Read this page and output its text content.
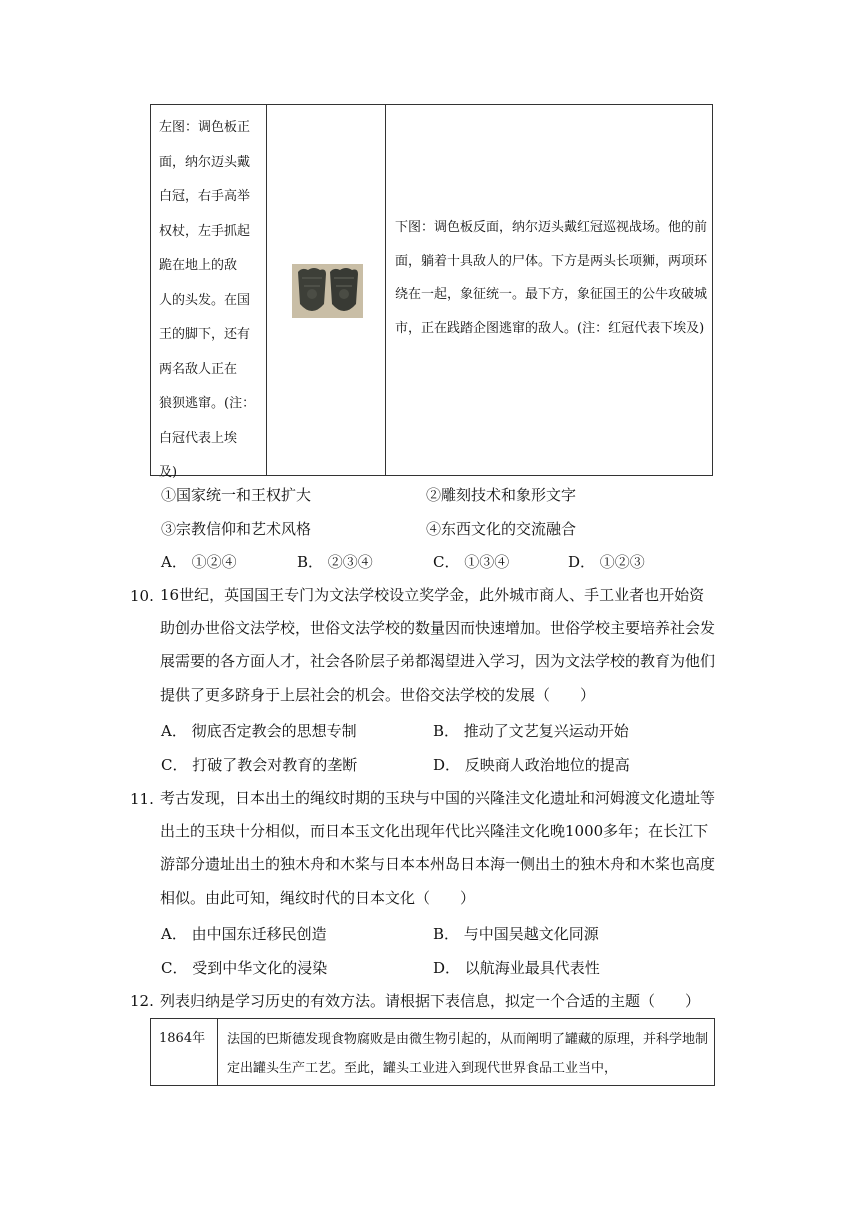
左图：调色板正
面，纳尔迈头戴
白冠，右手高举
权杖，左手抓起
跪在地上的敌
人的头发。在国
王的脚下，还有
两名敌人正在
狼狈逃窜。(注：
白冠代表上埃
及)
下图：调色板反面，纳尔迈头戴红冠巡视战场。他的前面，躺着十具敌人的尸体。下方是两头长项狮，两项环绕在一起，象征统一。最下方，象征国王的公牛攻破城市，正在践踏企图逃窜的敌人。(注：红冠代表下埃及)
①国家统一和王权扩大	②雕刻技术和象形文字
③宗教信仰和艺术风格	④东西文化的交流融合
A． ①②④	B． ②③④	C． ①③④	D． ①②③
10. 16世纪，英国国王专门为文法学校设立奖学金，此外城市商人、手工业者也开始资助创办世俗文法学校，世俗文法学校的数量因而快速增加。世俗学校主要培养社会发展需要的各方面人才，社会各阶层子弟都渴望进入学习，因为文法学校的教育为他们提供了更多跻身于上层社会的机会。世俗交法学校的发展（　　）
A． 彻底否定教会的思想专制	B． 推动了文艺复兴运动开始
C． 打破了教会对教育的垄断	D． 反映商人政治地位的提高
11. 考古发现，日本出土的绳纹时期的玉玦与中国的兴隆洼文化遗址和河姆渡文化遗址等出土的玉玦十分相似，而日本玉文化出现年代比兴隆洼文化晚1000多年；在长江下游部分遗址出土的独木舟和木桨与日本本州岛日本海一侧出土的独木舟和木桨也高度相似。由此可知，绳纹时代的日本文化（　　）
A． 由中国东迁移民创造	B． 与中国吴越文化同源
C． 受到中华文化的浸染	D． 以航海业最具代表性
12. 列表归纳是学习历史的有效方法。请根据下表信息，拟定一个合适的主题（　　）
1864年 法国的巴斯德发现食物腐败是由微生物引起的，从而阐明了罐藏的原理，并科学地制定出罐头生产工艺。至此，罐头工业进入到现代世界食品工业当中，
